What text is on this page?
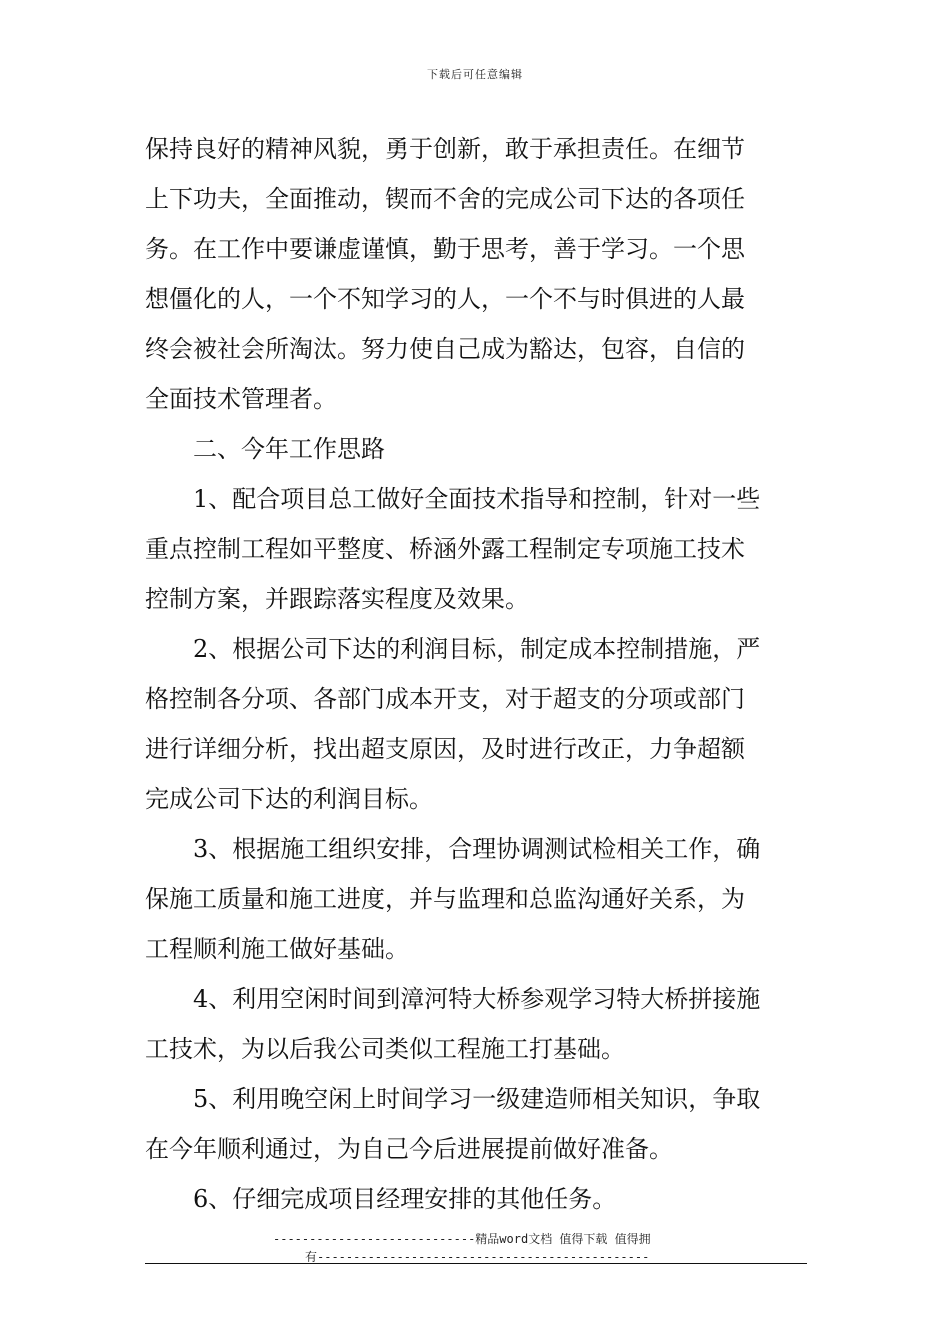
下载后可任意编辑
保持良好的精神风貌，勇于创新，敢于承担责任。在细节
上下功夫，全面推动，锲而不舍的完成公司下达的各项任
务。在工作中要谦虚谨慎，勤于思考，善于学习。一个思
想僵化的人，一个不知学习的人，一个不与时俱进的人最
终会被社会所淘汰。努力使自己成为豁达，包容，自信的
全面技术管理者。
二、今年工作思路
1、配合项目总工做好全面技术指导和控制，针对一些
重点控制工程如平整度、桥涵外露工程制定专项施工技术
控制方案，并跟踪落实程度及效果。
2、根据公司下达的利润目标，制定成本控制措施，严
格控制各分项、各部门成本开支，对于超支的分项或部门
进行详细分析，找出超支原因，及时进行改正，力争超额
完成公司下达的利润目标。
3、根据施工组织安排，合理协调测试检相关工作，确
保施工质量和施工进度，并与监理和总监沟通好关系，为
工程顺利施工做好基础。
4、利用空闲时间到漳河特大桥参观学习特大桥拼接施
工技术，为以后我公司类似工程施工打基础。
5、利用晚空闲上时间学习一级建造师相关知识，争取
在今年顺利通过，为自己今后进展提前做好准备。
6、仔细完成项目经理安排的其他任务。
----------------------------精品word文档 值得下载 值得拥
有----------------------------------------------
